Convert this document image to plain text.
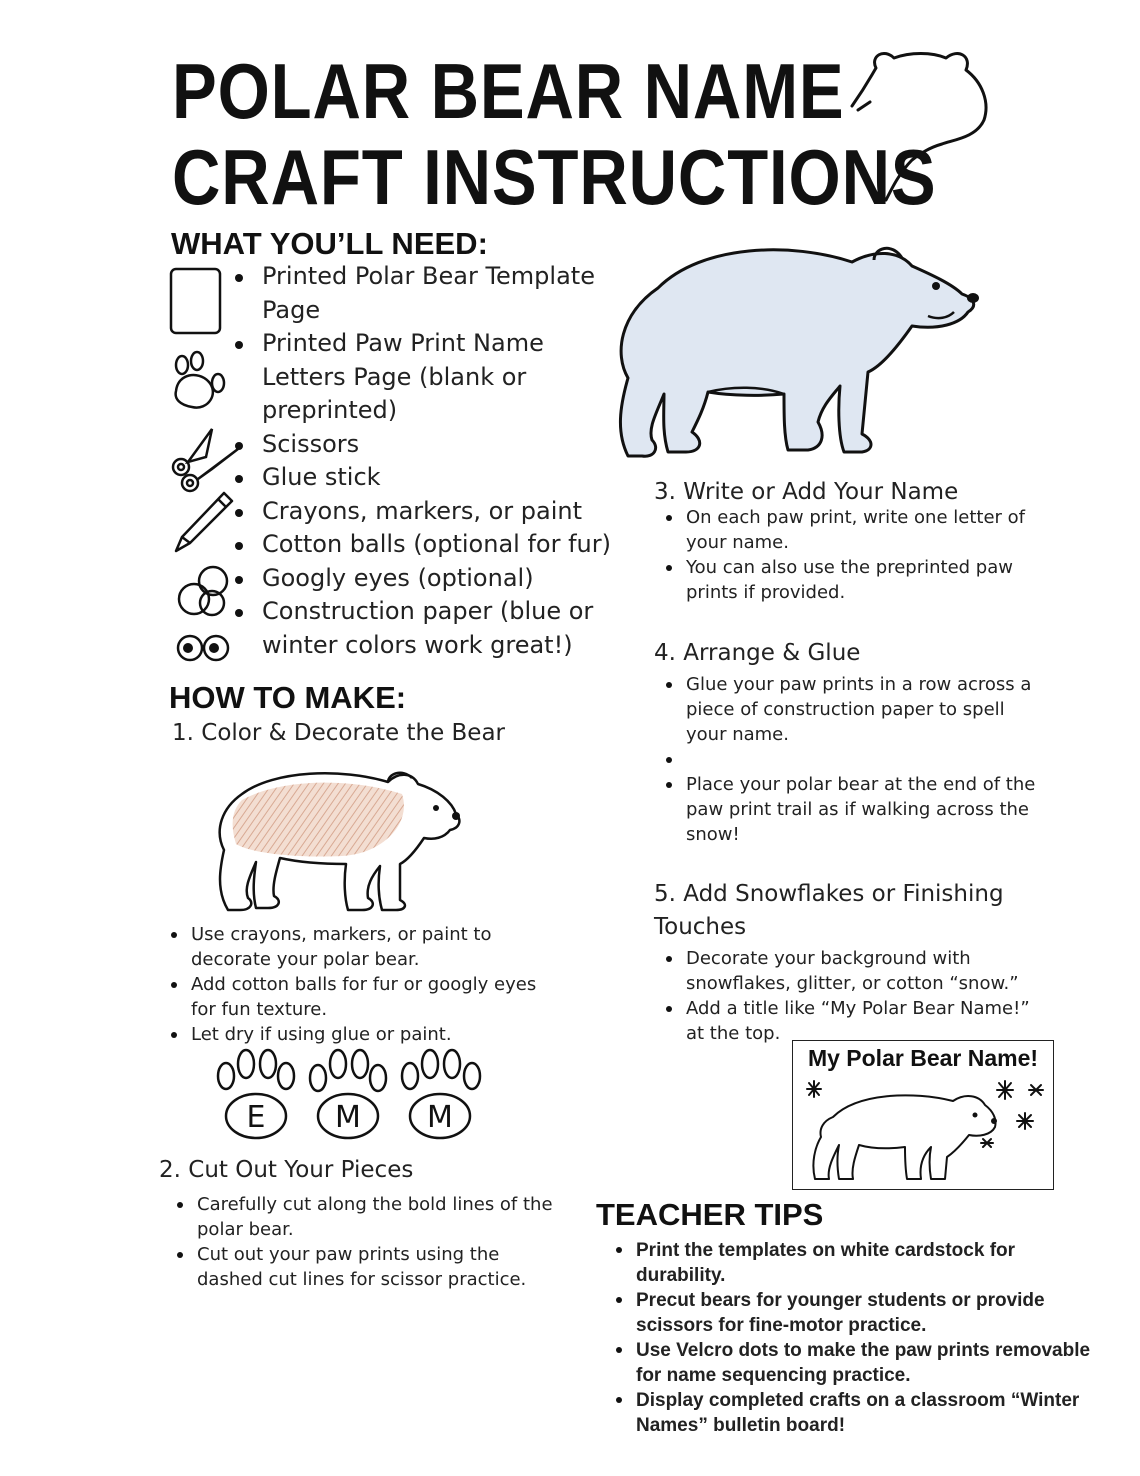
POLAR BEAR NAME
CRAFT INSTRUCTIONS
WHAT YOU’LL NEED:
Printed Polar Bear Template Page
Printed Paw Print Name Letters Page (blank or preprinted)
Scissors
Glue stick
Crayons, markers, or paint
Cotton balls (optional for fur)
Googly eyes (optional)
Construction paper (blue or winter colors work great!)
3. Write or Add Your Name
On each paw print, write one letter of your name.
You can also use the preprinted paw prints if provided.
4. Arrange & Glue
Glue your paw prints in a row across a piece of construction paper to spell your name.
Place your polar bear at the end of the paw print trail as if walking across the snow!
5. Add Snowflakes or Finishing Touches
Decorate your background with snowflakes, glitter, or cotton “snow.”
Add a title like “My Polar Bear Name!” at the top.
My Polar Bear Name!
HOW TO MAKE:
1. Color & Decorate the Bear
Use crayons, markers, or paint to decorate your polar bear.
Add cotton balls for fur or googly eyes for fun texture.
Let dry if using glue or paint.
E M M
2. Cut Out Your Pieces
Carefully cut along the bold lines of the polar bear.
Cut out your paw prints using the dashed cut lines for scissor practice.
TEACHER TIPS
Print the templates on white cardstock for durability.
Precut bears for younger students or provide scissors for fine-motor practice.
Use Velcro dots to make the paw prints removable for name sequencing practice.
Display completed crafts on a classroom “Winter Names” bulletin board!
